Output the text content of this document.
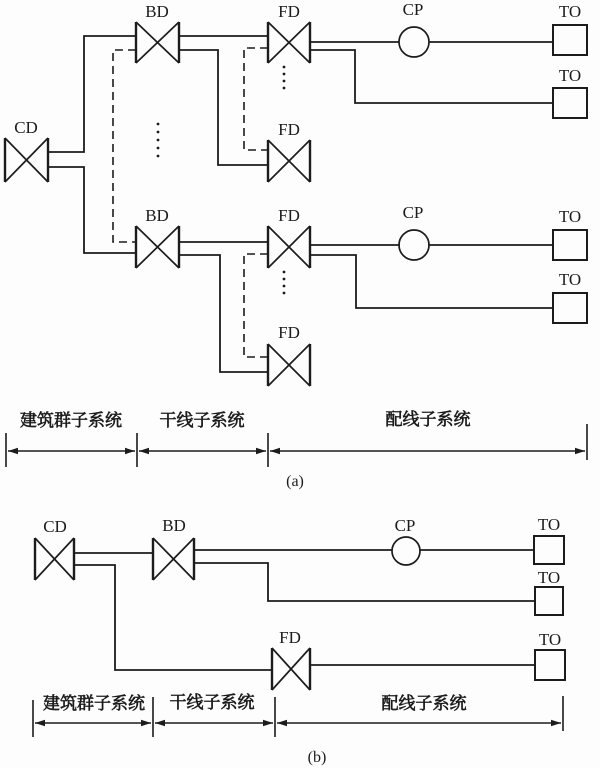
CD
BD	FD
FD
BD	FD
FD
CP
CP
TO
TO
TO
TO
建筑群子系统 干线子系统	配线子系统
(a)
CD	BD
FD
CP	TO
TO
TO
建筑群子系统 干线子系统	配线子系统
(b)
